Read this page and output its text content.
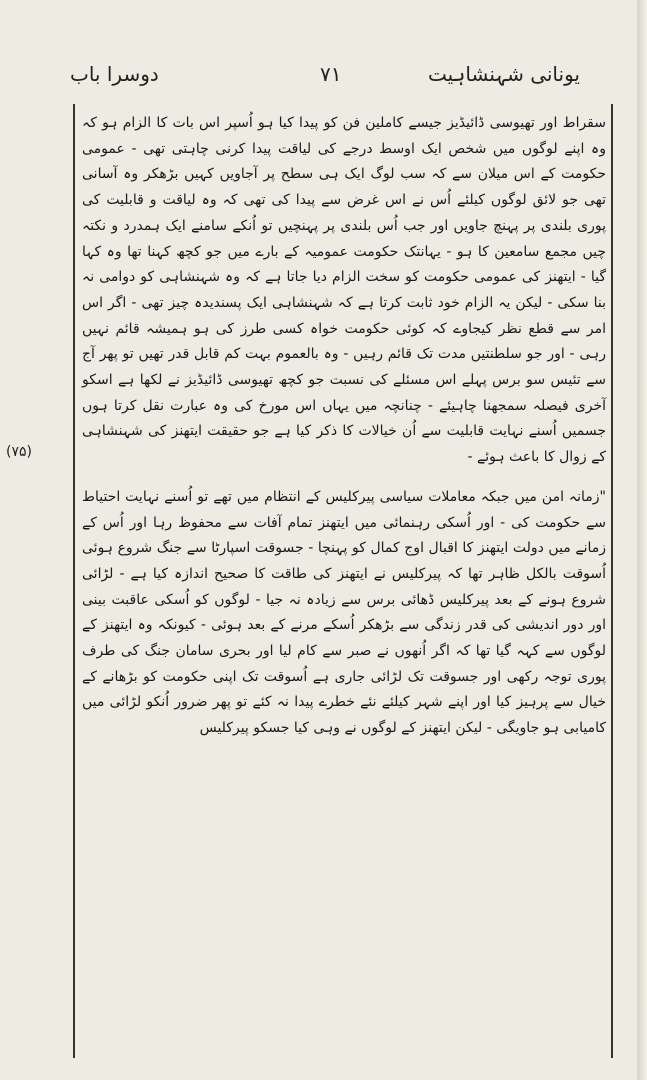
یونانی شہنشاہیت
۷۱
دوسرا باب
(۷۵)

سقراط اور تھیوسی ڈائیڈیز جیسے کاملین فن کو پیدا کیا ہو اُسپر اس بات کا الزام ہو کہ وہ اپنے لوگوں میں شخص ایک اوسط درجے کی لیاقت پیدا کرنی چاہتی تھی - عمومی حکومت کے اس میلان سے کہ سب لوگ ایک ہی سطح پر آجاویں کہیں بڑھکر وہ آسانی تھی جو لائق لوگوں کیلئے اُس نے اس غرض سے پیدا کی تھی کہ وہ لیاقت و قابلیت کی پوری بلندی پر پہنچ جاویں اور جب اُس بلندی پر پہنچیں تو اُنکے سامنے ایک ہمدرد و نکتہ چیں مجمع سامعین کا ہو - یہانتک حکومت عمومیہ کے بارے میں جو کچھ کہنا تھا وہ کہا گیا - ایتھنز کی عمومی حکومت کو سخت الزام دیا جاتا ہے کہ وہ شہنشاہی کو دوامی نہ بنا سکی - لیکن یہ الزام خود ثابت کرتا ہے کہ شہنشاہی ایک پسندیدہ چیز تھی - اگر اس امر سے قطع نظر کیجاوے کہ کوئی حکومت خواہ کسی طرز کی ہو ہمیشہ قائم نہیں رہی - اور جو سلطنتیں مدت تک قائم رہیں - وہ بالعموم بہت کم قابل قدر تھیں تو پھر آج سے تئیس سو برس پہلے اس مسئلے کی نسبت جو کچھ تھیوسی ڈائیڈیز نے لکھا ہے اسکو آخری فیصلہ سمجھنا چاہیئے - چنانچہ میں یہاں اس مورخ کی وہ عبارت نقل کرتا ہوں جسمیں اُسنے نہایت قابلیت سے اُن خیالات کا ذکر کیا ہے جو حقیقت ایتھنز کی شہنشاہی کے زوال کا باعث ہوئے -

"زمانہ امن میں جبکہ معاملات سیاسی پیرکلیس کے انتظام میں تھے تو اُسنے نہایت احتیاط سے حکومت کی - اور اُسکی رہنمائی میں ایتھنز تمام آفات سے محفوظ رہا اور اُس کے زمانے میں دولت ایتھنز کا اقبال اوج کمال کو پہنچا - جسوقت اسپارٹا سے جنگ شروع ہوئی اُسوقت بالکل ظاہر تھا کہ پیرکلیس نے ایتھنز کی طاقت کا صحیح اندازہ کیا ہے - لڑائی شروع ہونے کے بعد پیرکلیس ڈھائی برس سے زیادہ نہ جیا - لوگوں کو اُسکی عاقبت بینی اور دور اندیشی کی قدر زندگی سے بڑھکر اُسکے مرنے کے بعد ہوئی - کیونکہ وہ ایتھنز کے لوگوں سے کہہ گیا تھا کہ اگر اُنھوں نے صبر سے کام لیا اور بحری سامان جنگ کی طرف پوری توجہ رکھی اور جسوقت تک لڑائی جاری ہے اُسوقت تک اپنی حکومت کو بڑھانے کے خیال سے پرہیز کیا اور اپنے شہر کیلئے نئے خطرے پیدا نہ کئے تو پھر ضرور اُنکو لڑائی میں کامیابی ہو جاویگی - لیکن ایتھنز کے لوگوں نے وہی کیا جسکو پیرکلیس
